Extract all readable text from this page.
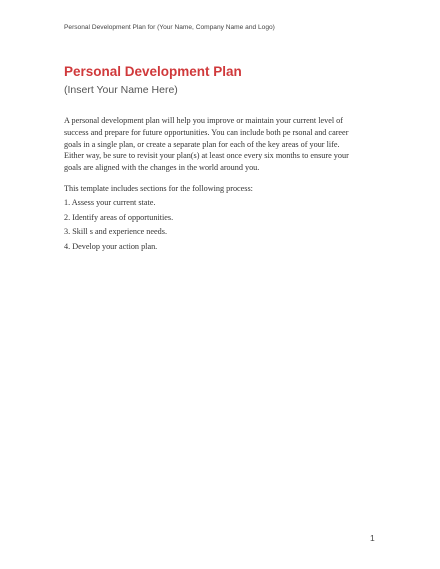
Personal Development Plan for (Your Name, Company Name and Logo)
Personal Development Plan
(Insert Your Name Here)

A personal development plan will help you improve or maintain your current level of
success and prepare for future opportunities. You can include both pe rsonal and career
goals in a single plan, or create a separate plan for each of the key areas of your life.
Either way, be sure to revisit your plan(s) at least once every six months to ensure your
goals are aligned with the changes in the world around you.

This template includes sections for the following process:

1. Assess your current state.
2. Identify areas of opportunities.
3. Skill s and experience needs.
4. Develop your action plan.
1
